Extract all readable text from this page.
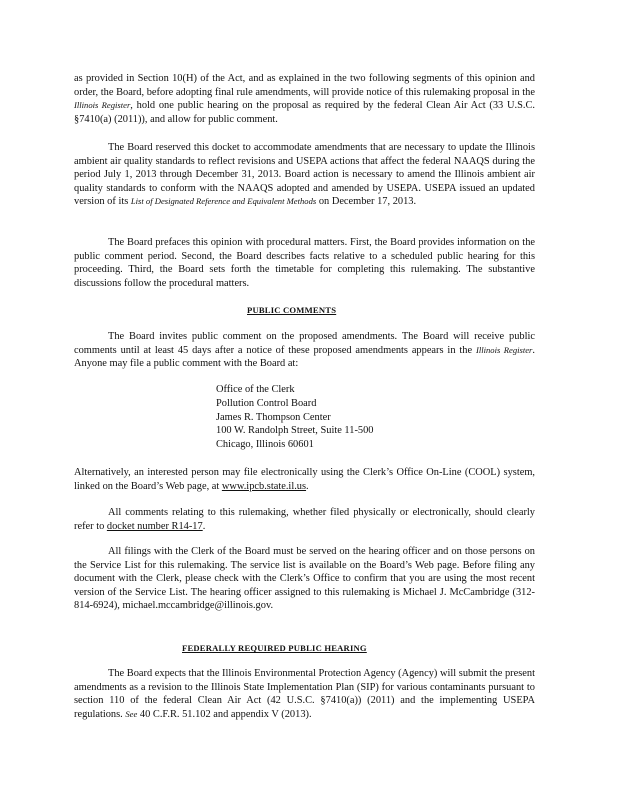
as provided in Section 10(H) of the Act, and as explained in the two following segments of this opinion and order, the Board, before adopting final rule amendments, will provide notice of this rulemaking proposal in the Illinois Register, hold one public hearing on the proposal as required by the federal Clean Air Act (33 U.S.C. §7410(a) (2011)), and allow for public comment.

The Board reserved this docket to accommodate amendments that are necessary to update the Illinois ambient air quality standards to reflect revisions and USEPA actions that affect the federal NAAQS during the period July 1, 2013 through December 31, 2013. Board action is necessary to amend the Illinois ambient air quality standards to conform with the NAAQS adopted and amended by USEPA. USEPA issued an updated version of its List of Designated Reference and Equivalent Methods on December 17, 2013.

The Board prefaces this opinion with procedural matters. First, the Board provides information on the public comment period. Second, the Board describes facts relative to a scheduled public hearing for this proceeding. Third, the Board sets forth the timetable for completing this rulemaking. The substantive discussions follow the procedural matters.

PUBLIC COMMENTS

The Board invites public comment on the proposed amendments. The Board will receive public comments until at least 45 days after a notice of these proposed amendments appears in the Illinois Register. Anyone may file a public comment with the Board at:

Office of the Clerk
Pollution Control Board
James R. Thompson Center
100 W. Randolph Street, Suite 11-500
Chicago, Illinois 60601

Alternatively, an interested person may file electronically using the Clerk’s Office On-Line (COOL) system, linked on the Board’s Web page, at www.ipcb.state.il.us.

All comments relating to this rulemaking, whether filed physically or electronically, should clearly refer to docket number R14-17.

All filings with the Clerk of the Board must be served on the hearing officer and on those persons on the Service List for this rulemaking. The service list is available on the Board’s Web page. Before filing any document with the Clerk, please check with the Clerk’s Office to confirm that you are using the most recent version of the Service List. The hearing officer assigned to this rulemaking is Michael J. McCambridge (312-814-6924), michael.mccambridge@illinois.gov.

FEDERALLY REQUIRED PUBLIC HEARING

The Board expects that the Illinois Environmental Protection Agency (Agency) will submit the present amendments as a revision to the Illinois State Implementation Plan (SIP) for various contaminants pursuant to section 110 of the federal Clean Air Act (42 U.S.C. §7410(a)) (2011) and the implementing USEPA regulations. See 40 C.F.R. 51.102 and appendix V (2013).
